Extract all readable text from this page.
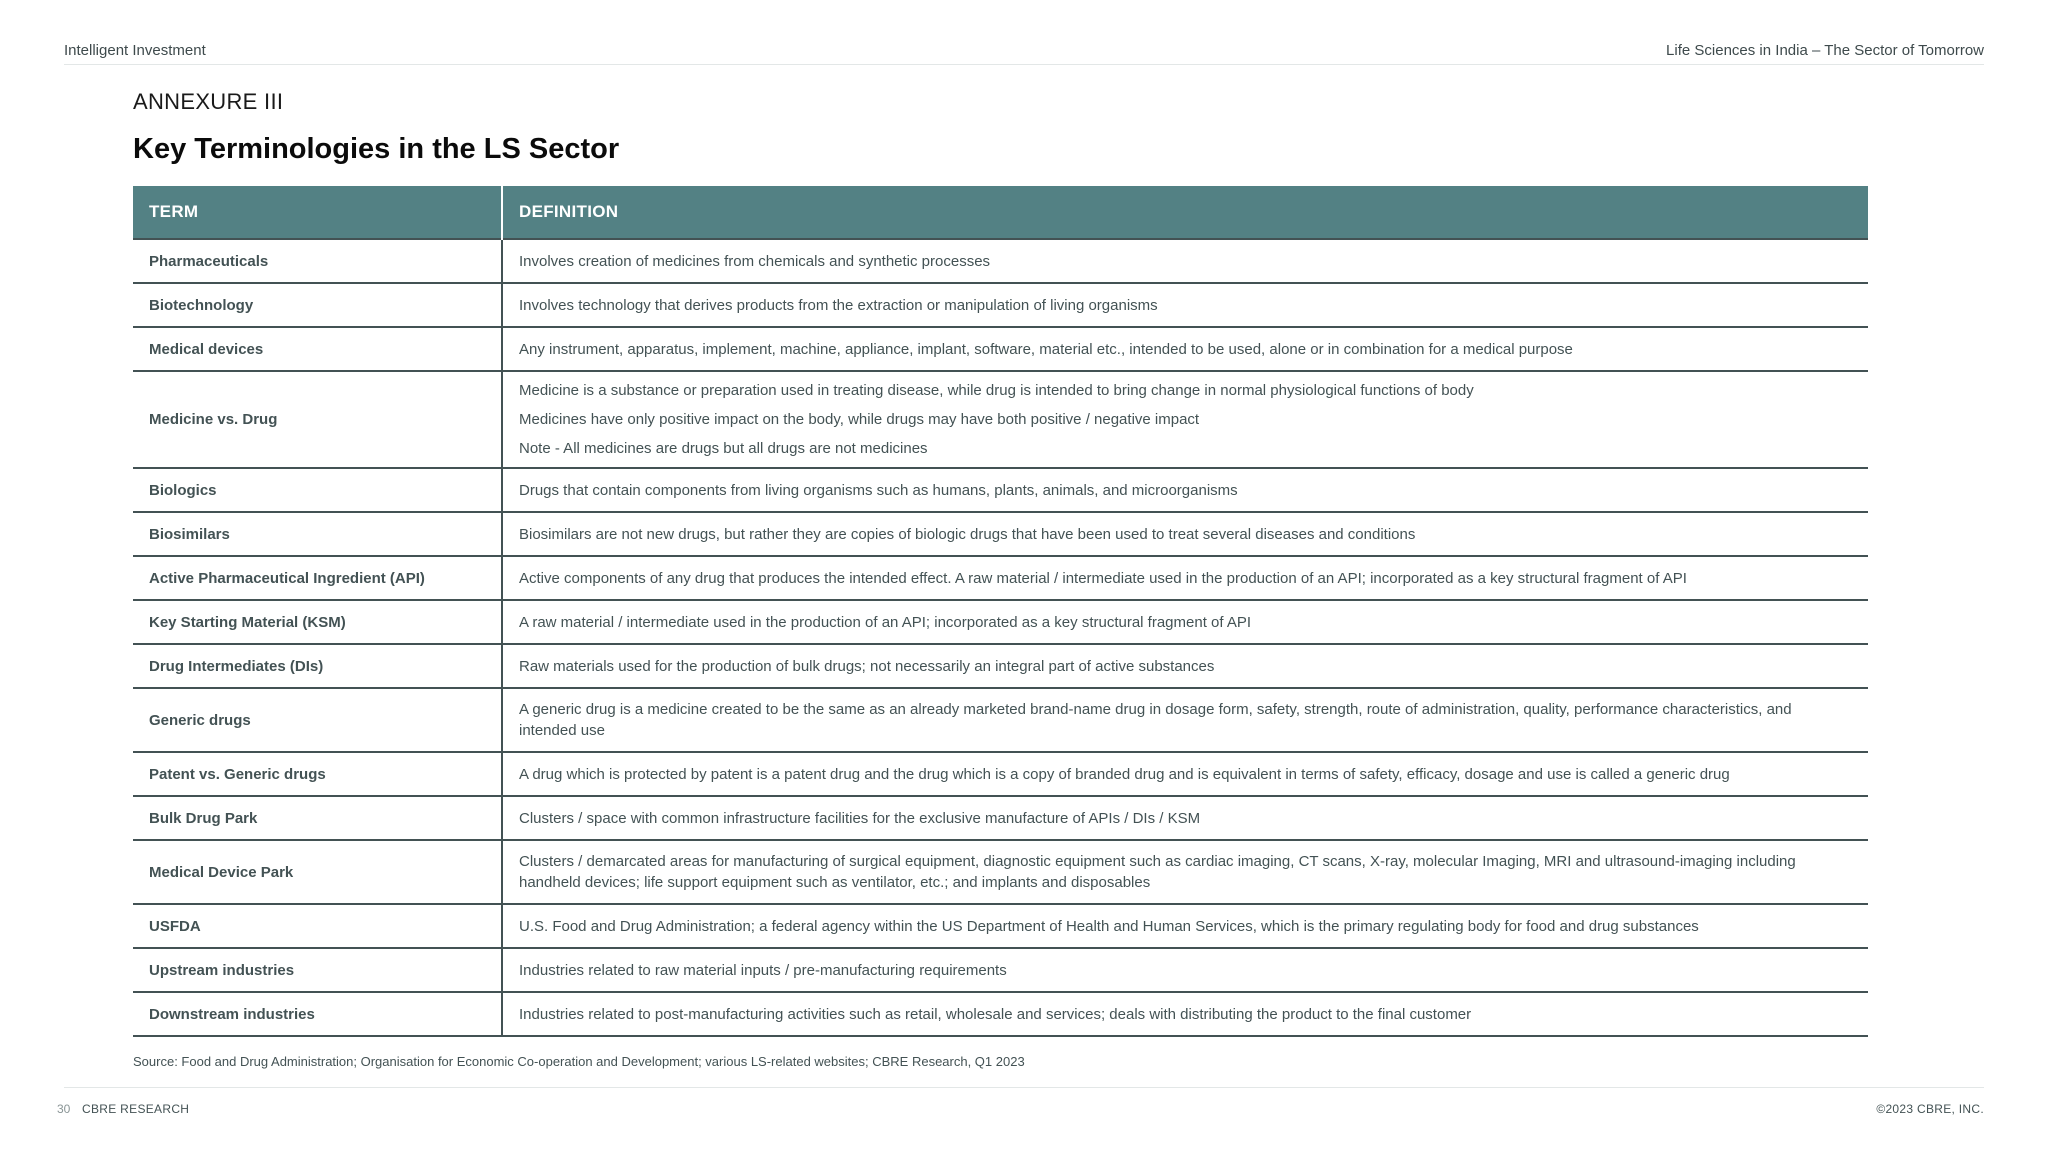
Intelligent Investment	Life Sciences in India – The Sector of Tomorrow
ANNEXURE III
Key Terminologies in the LS Sector
TERM	DEFINITION
Pharmaceuticals	Involves creation of medicines from chemicals and synthetic processes

Biotechnology	Involves technology that derives products from the extraction or manipulation of living organisms

Medical devices	Any instrument, apparatus, implement, machine, appliance, implant, software, material etc., intended to be used, alone or in combination for a medical purpose

Medicine vs. Drug	Medicine is a substance or preparation used in treating disease, while drug is intended to bring change in normal physiological functions of body
Medicines have only positive impact on the body, while drugs may have both positive / negative impact
Note - All medicines are drugs but all drugs are not medicines

Biologics	Drugs that contain components from living organisms such as humans, plants, animals, and microorganisms

Biosimilars	Biosimilars are not new drugs, but rather they are copies of biologic drugs that have been used to treat several diseases and conditions

Active Pharmaceutical Ingredient (API)	Active components of any drug that produces the intended effect. A raw material / intermediate used in the production of an API; incorporated as a key structural fragment of API

Key Starting Material (KSM)	A raw material / intermediate used in the production of an API; incorporated as a key structural fragment of API

Drug Intermediates (DIs)	Raw materials used for the production of bulk drugs; not necessarily an integral part of active substances

Generic drugs	A generic drug is a medicine created to be the same as an already marketed brand-name drug in dosage form, safety, strength, route of administration, quality, performance characteristics, and intended use

Patent vs. Generic drugs	A drug which is protected by patent is a patent drug and the drug which is a copy of branded drug and is equivalent in terms of safety, efficacy, dosage and use is called a generic drug

Bulk Drug Park	Clusters / space with common infrastructure facilities for the exclusive manufacture of APIs / DIs / KSM

Medical Device Park	Clusters / demarcated areas for manufacturing of surgical equipment, diagnostic equipment such as cardiac imaging, CT scans, X-ray, molecular Imaging, MRI and ultrasound-imaging including handheld devices; life support equipment such as ventilator, etc.; and implants and disposables

USFDA	U.S. Food and Drug Administration; a federal agency within the US Department of Health and Human Services, which is the primary regulating body for food and drug substances

Upstream industries	Industries related to raw material inputs / pre-manufacturing requirements

Downstream industries	Industries related to post-manufacturing activities such as retail, wholesale and services; deals with distributing the product to the final customer
Source: Food and Drug Administration; Organisation for Economic Co-operation and Development; various LS-related websites; CBRE Research, Q1 2023
30 CBRE RESEARCH	©2023 CBRE, INC.
